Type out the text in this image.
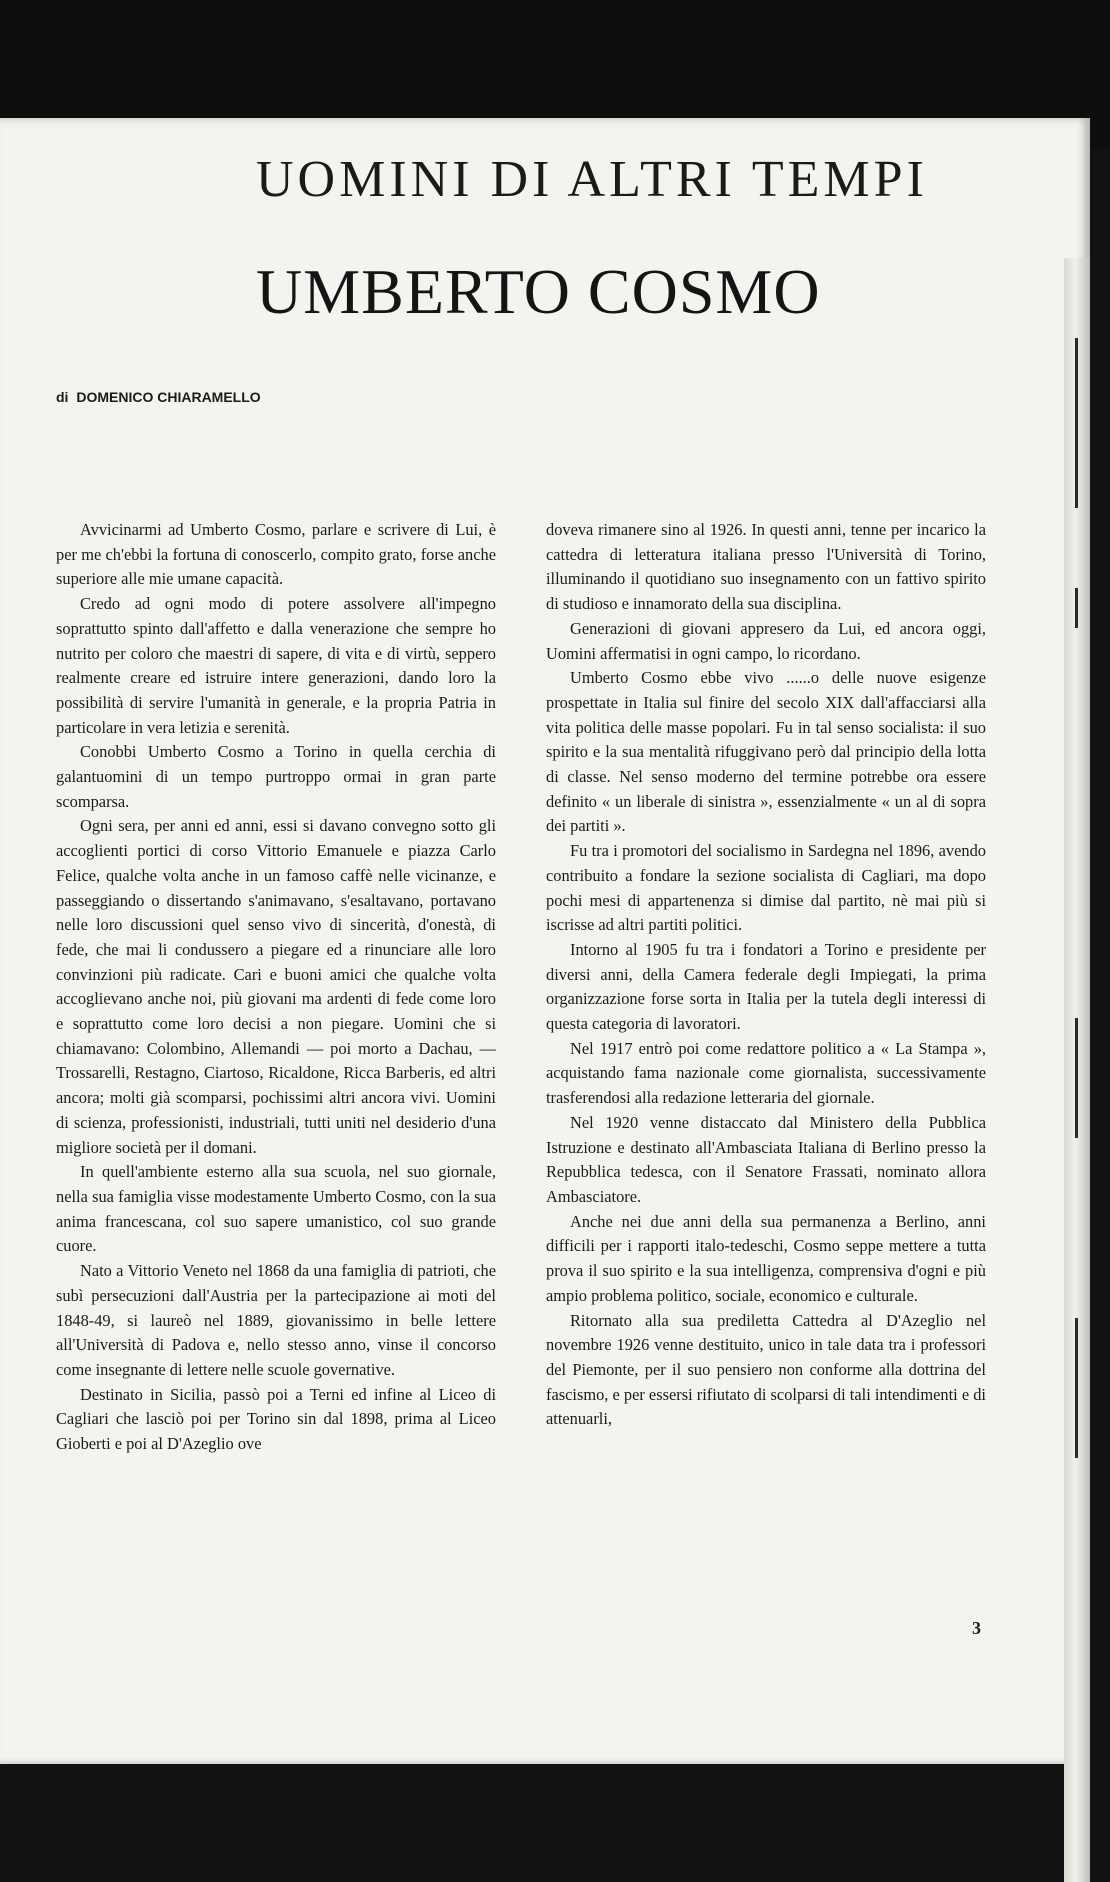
UOMINI DI ALTRI TEMPI
UMBERTO COSMO
di DOMENICO CHIARAMELLO

Avvicinarmi ad Umberto Cosmo, parlare e scrivere di Lui, è per me ch'ebbi la fortuna di conoscerlo, compito grato, forse anche superiore alle mie umane capacità.

Credo ad ogni modo di potere assolvere all'impegno soprattutto spinto dall'affetto e dalla venerazione che sempre ho nutrito per coloro che maestri di sapere, di vita e di virtù, seppero realmente creare ed istruire intere generazioni, dando loro la possibilità di servire l'umanità in generale, e la propria Patria in particolare in vera letizia e serenità.

Conobbi Umberto Cosmo a Torino in quella cerchia di galantuomini di un tempo purtroppo ormai in gran parte scomparsa.

Ogni sera, per anni ed anni, essi si davano convegno sotto gli accoglienti portici di corso Vittorio Emanuele e piazza Carlo Felice, qualche volta anche in un famoso caffè nelle vicinanze, e passeggiando o dissertando s'animavano, s'esaltavano, portavano nelle loro discussioni quel senso vivo di sincerità, d'onestà, di fede, che mai li condussero a piegare ed a rinunciare alle loro convinzioni più radicate. Cari e buoni amici che qualche volta accoglievano anche noi, più giovani ma ardenti di fede come loro e soprattutto come loro decisi a non piegare. Uomini che si chiamavano: Colombino, Allemandi — poi morto a Dachau, — Trossarelli, Restagno, Ciartoso, Ricaldone, Ricca Barberis, ed altri ancora; molti già scomparsi, pochissimi altri ancora vivi. Uomini di scienza, professionisti, industriali, tutti uniti nel desiderio d'una migliore società per il domani.

In quell'ambiente esterno alla sua scuola, nel suo giornale, nella sua famiglia visse modestamente Umberto Cosmo, con la sua anima francescana, col suo sapere umanistico, col suo grande cuore.

Nato a Vittorio Veneto nel 1868 da una famiglia di patrioti, che subì persecuzioni dall'Austria per la partecipazione ai moti del 1848-49, si laureò nel 1889, giovanissimo in belle lettere all'Università di Padova e, nello stesso anno, vinse il concorso come insegnante di lettere nelle scuole governative.

Destinato in Sicilia, passò poi a Terni ed infine al Liceo di Cagliari che lasciò poi per Torino sin dal 1898, prima al Liceo Gioberti e poi al D'Azeglio ove

doveva rimanere sino al 1926. In questi anni, tenne per incarico la cattedra di letteratura italiana presso l'Università di Torino, illuminando il quotidiano suo insegnamento con un fattivo spirito di studioso e innamorato della sua disciplina.

Generazioni di giovani appresero da Lui, ed ancora oggi, Uomini affermatisi in ogni campo, lo ricordano.

Umberto Cosmo ebbe vivo ......o delle nuove esigenze prospettate in Italia sul finire del secolo XIX dall'affacciarsi alla vita politica delle masse popolari. Fu in tal senso socialista: il suo spirito e la sua mentalità rifuggivano però dal principio della lotta di classe. Nel senso moderno del termine potrebbe ora essere definito « un liberale di sinistra », essenzialmente « un al di sopra dei partiti ».

Fu tra i promotori del socialismo in Sardegna nel 1896, avendo contribuito a fondare la sezione socialista di Cagliari, ma dopo pochi mesi di appartenenza si dimise dal partito, nè mai più si iscrisse ad altri partiti politici.

Intorno al 1905 fu tra i fondatori a Torino e presidente per diversi anni, della Camera federale degli Impiegati, la prima organizzazione forse sorta in Italia per la tutela degli interessi di questa categoria di lavoratori.

Nel 1917 entrò poi come redattore politico a « La Stampa », acquistando fama nazionale come giornalista, successivamente trasferendosi alla redazione letteraria del giornale.

Nel 1920 venne distaccato dal Ministero della Pubblica Istruzione e destinato all'Ambasciata Italiana di Berlino presso la Repubblica tedesca, con il Senatore Frassati, nominato allora Ambasciatore.

Anche nei due anni della sua permanenza a Berlino, anni difficili per i rapporti italo-tedeschi, Cosmo seppe mettere a tutta prova il suo spirito e la sua intelligenza, comprensiva d'ogni e più ampio problema politico, sociale, economico e culturale.

Ritornato alla sua prediletta Cattedra al D'Azeglio nel novembre 1926 venne destituito, unico in tale data tra i professori del Piemonte, per il suo pensiero non conforme alla dottrina del fascismo, e per essersi rifiutato di scolparsi di tali intendimenti e di attenuarli,

3
